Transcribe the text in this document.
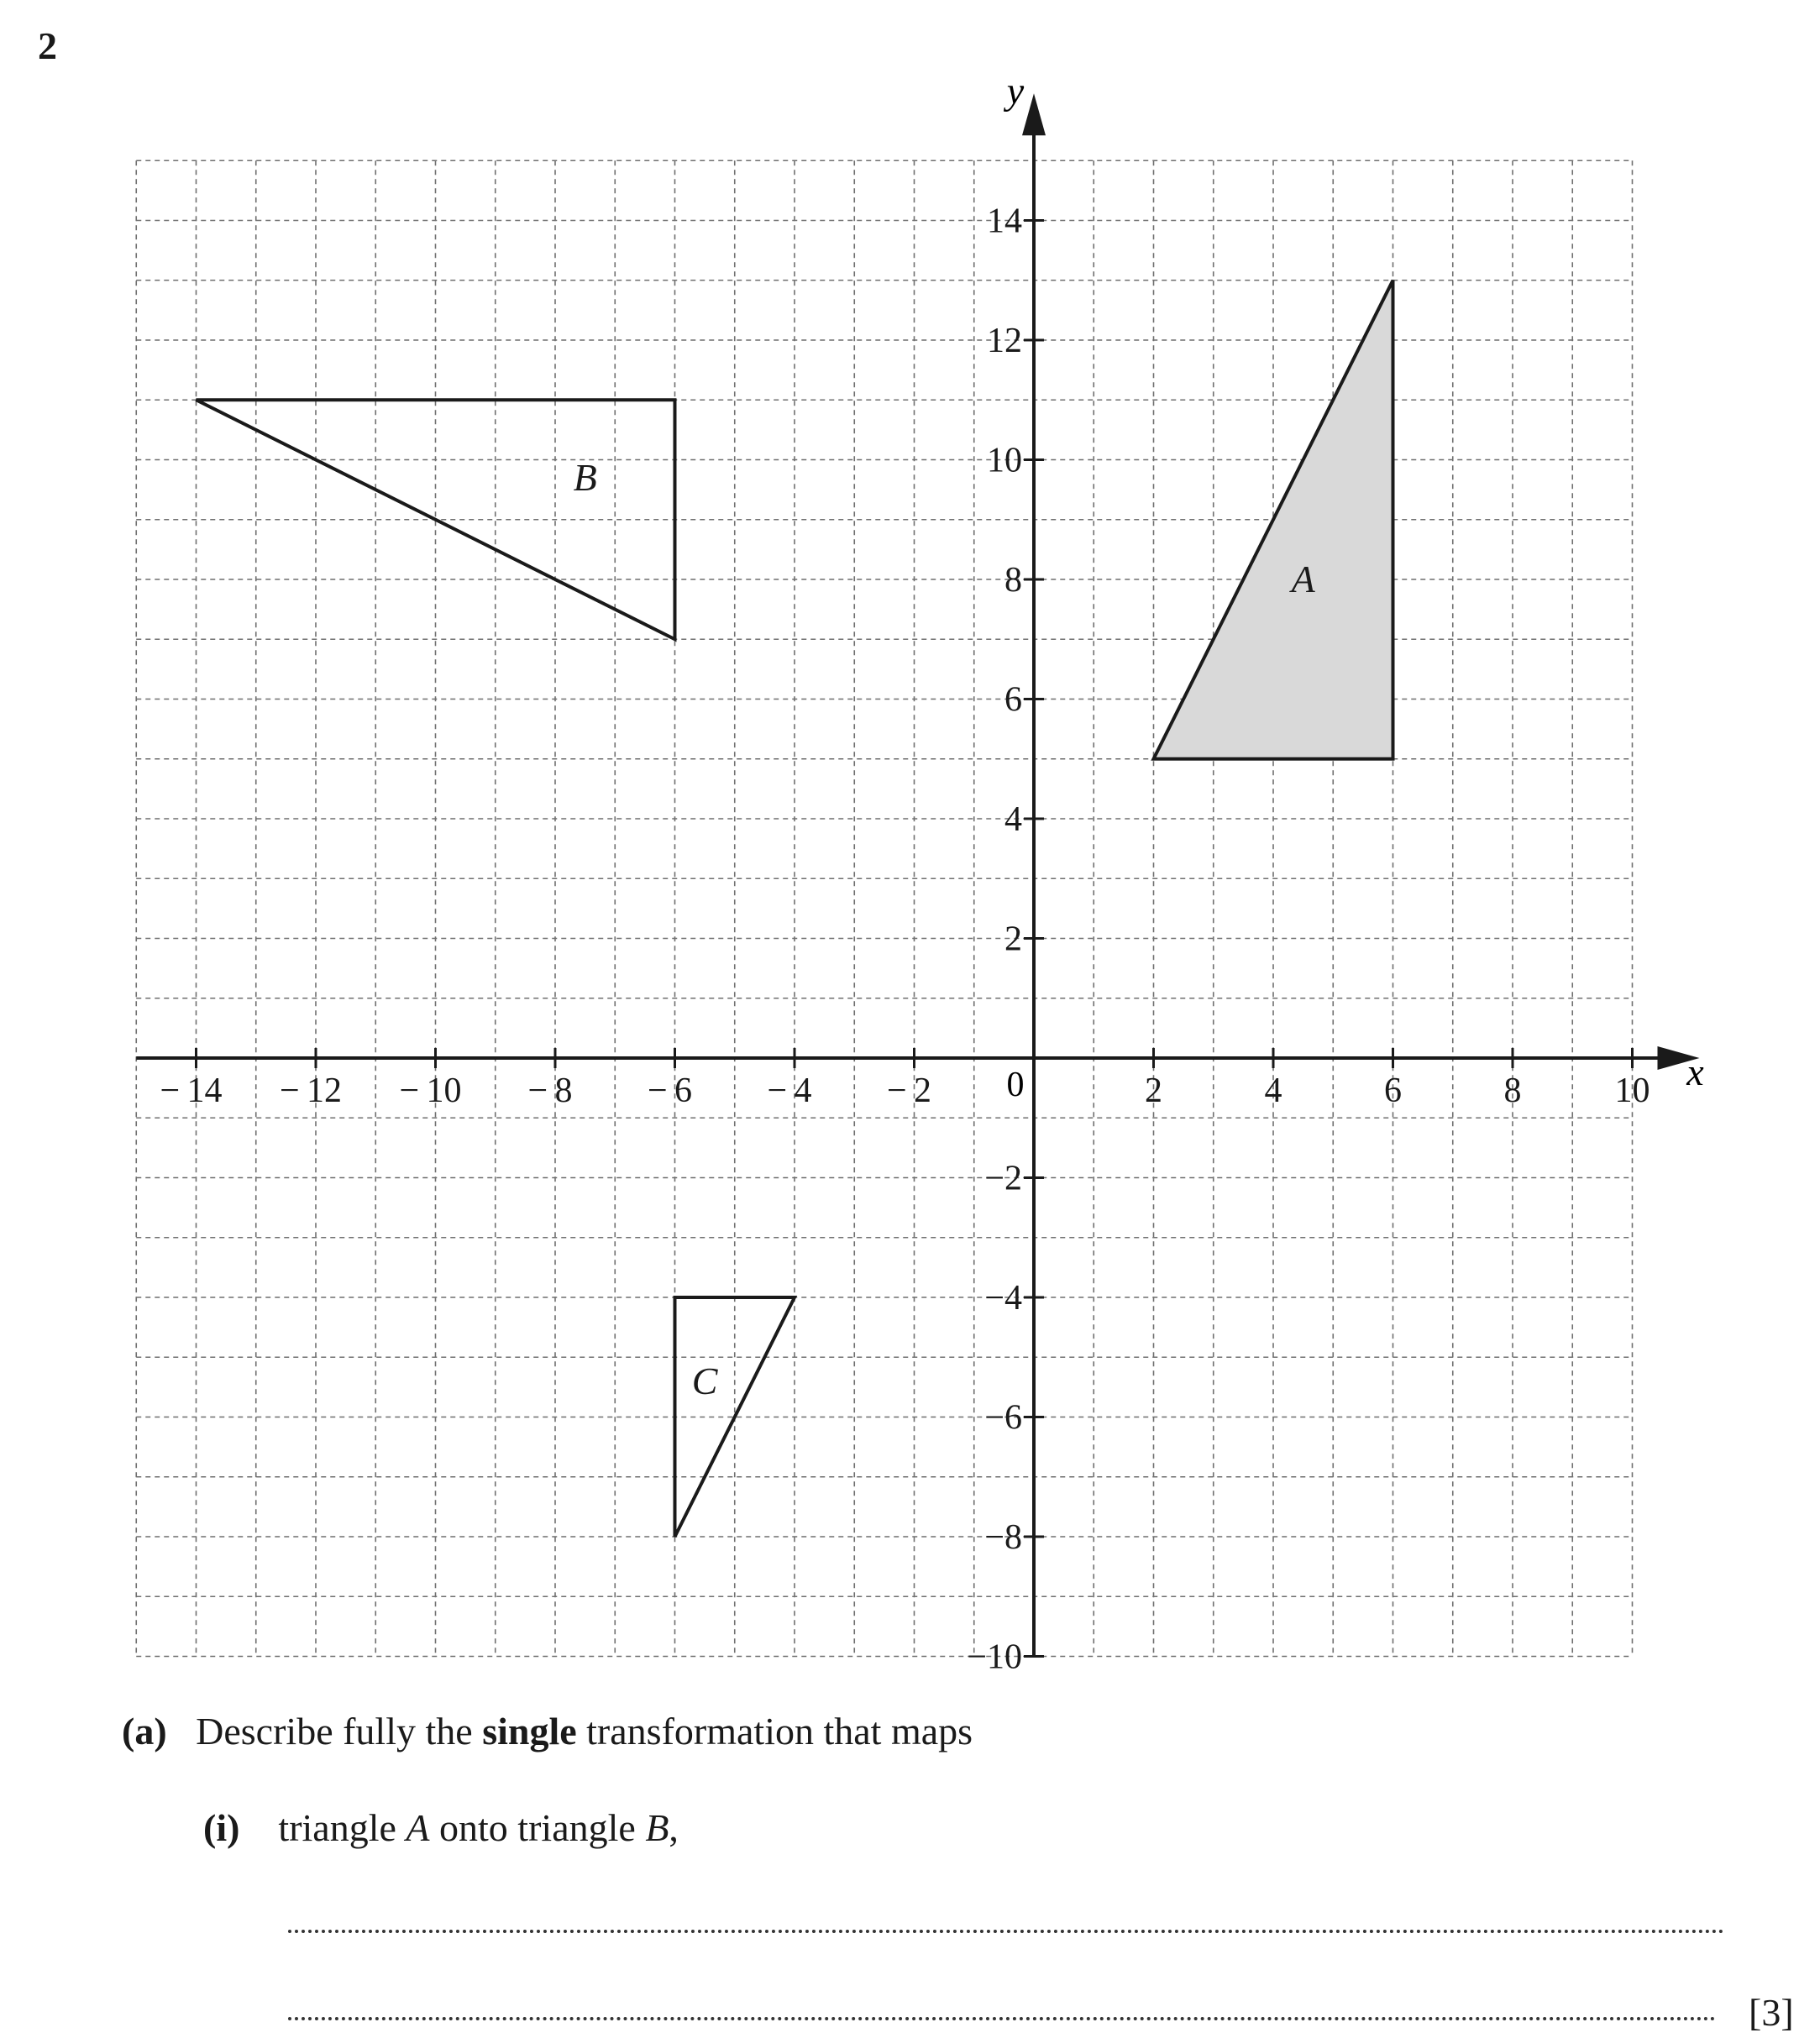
2
A
B
C
x
y
− 14 − 12 − 10 − 8 − 6 − 4 − 2	2	4	6	8	10
14
12
10
8
6
4
2
−2
−4
−6
−8
−10
0
(a) Describe fully the single transformation that maps
(i) triangle A onto triangle B,
[3]
